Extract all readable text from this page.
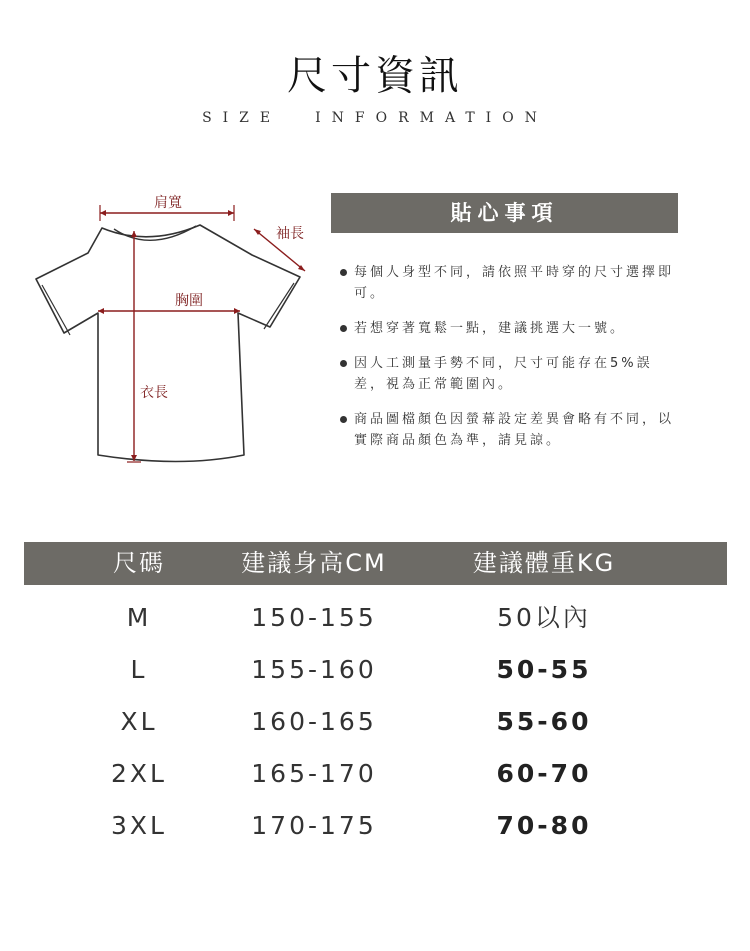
尺寸資訊
SIZE INFORMATION
肩寬
袖長
胸圍
衣長
貼心事項
每個人身型不同，請依照平時穿的尺寸選擇即可。
若想穿著寬鬆一點，建議挑選大一號。
因人工測量手勢不同，尺寸可能存在5%誤差，視為正常範圍內。
商品圖檔顏色因螢幕設定差異會略有不同，以實際商品顏色為準，請見諒。
尺碼	建議身高CM	建議體重KG
M	150-155	50以內
L	155-160	50-55
XL	160-165	55-60
2XL	165-170	60-70
3XL	170-175	70-80
